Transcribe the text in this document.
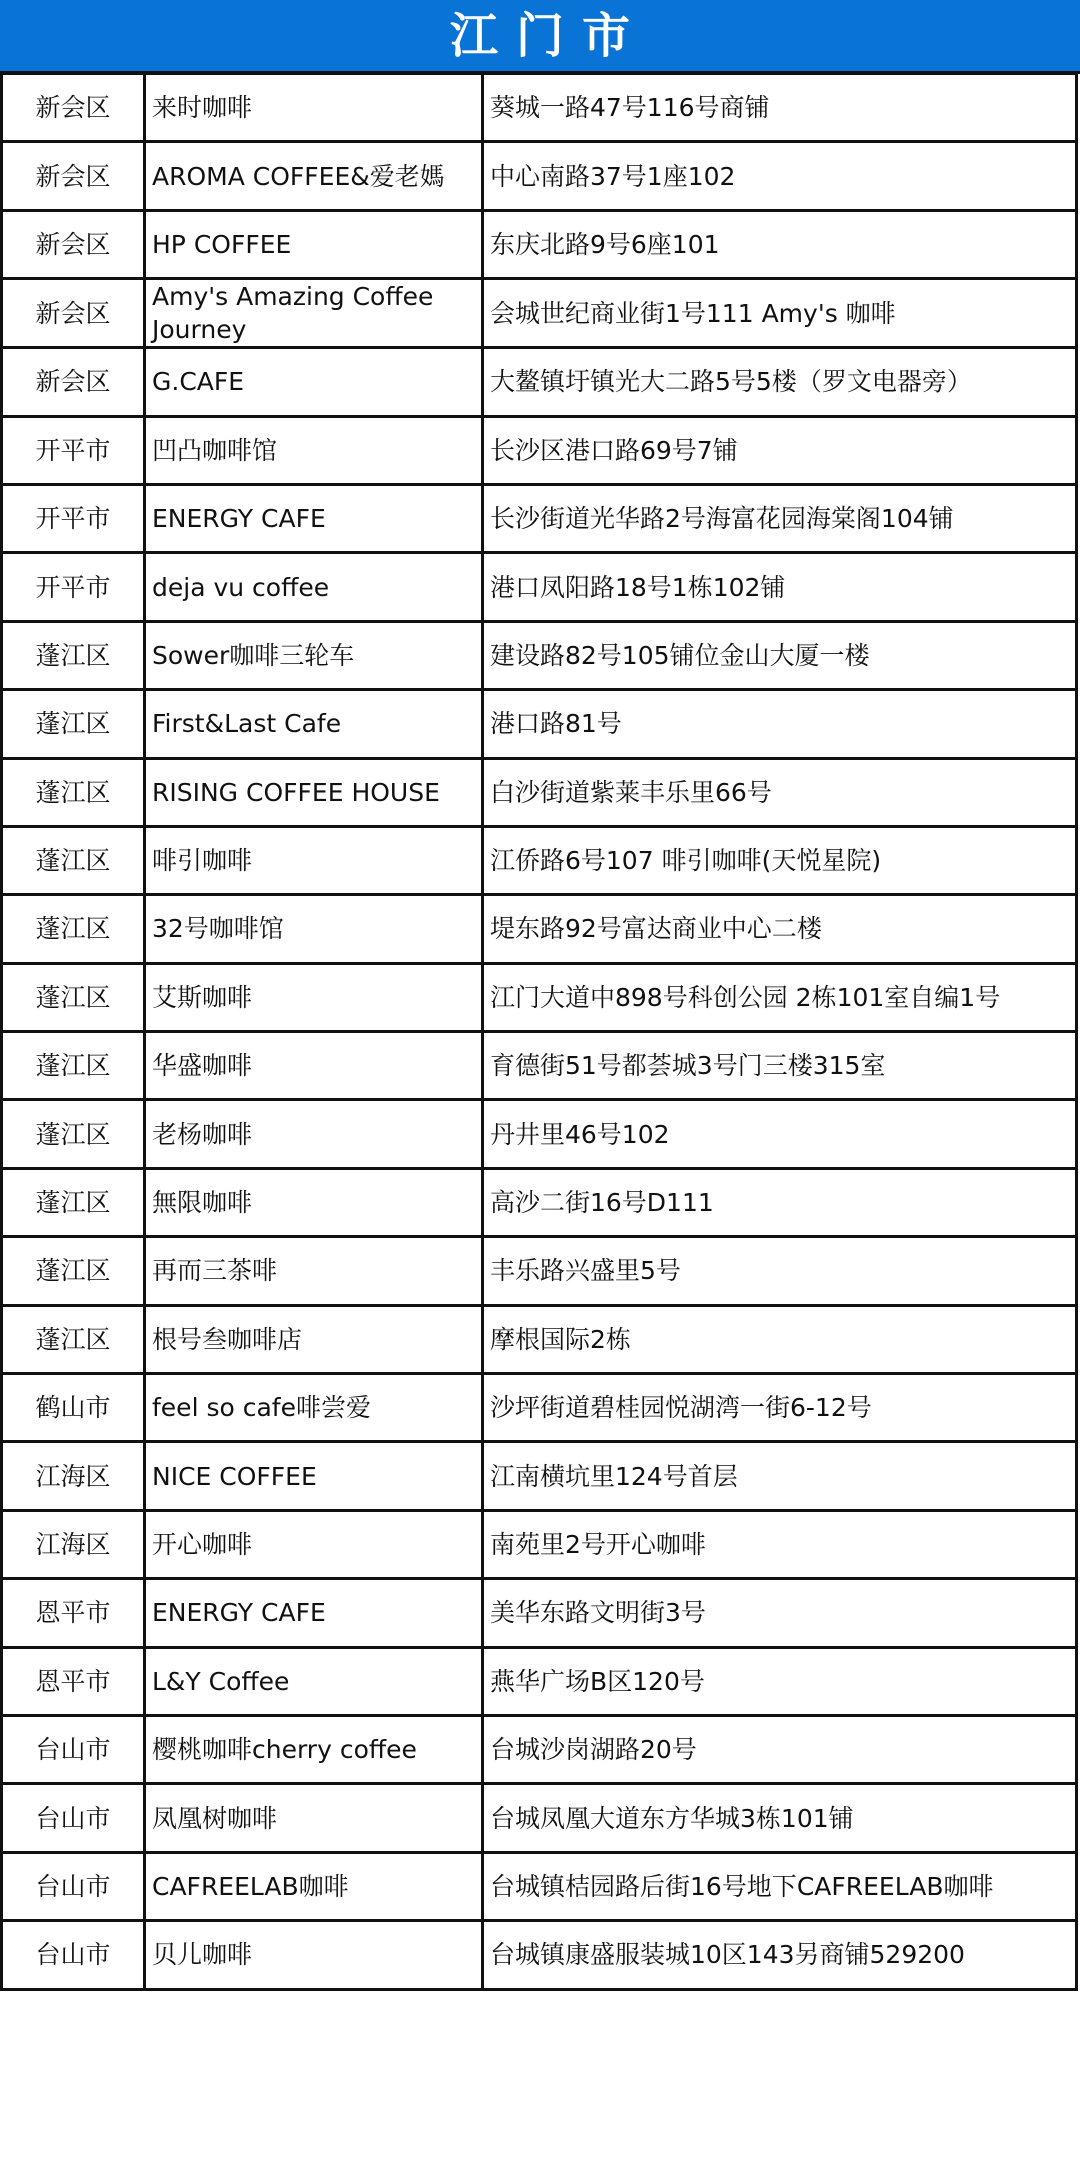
江门市
新会区	来时咖啡	葵城一路47号116号商铺
新会区	AROMA COFFEE&爱老媽	中心南路37号1座102
新会区	HP COFFEE	东庆北路9号6座101
新会区	Amy's Amazing Coffee Journey	会城世纪商业街1号111 Amy's 咖啡
新会区	G.CAFE	大鳌镇圩镇光大二路5号5楼（罗文电器旁）
开平市	凹凸咖啡馆	长沙区港口路69号7铺
开平市	ENERGY CAFE	长沙街道光华路2号海富花园海棠阁104铺
开平市	deja vu coffee	港口凤阳路18号1栋102铺
蓬江区	Sower咖啡三轮车	建设路82号105铺位金山大厦一楼
蓬江区	First&Last Cafe	港口路81号
蓬江区	RISING COFFEE HOUSE	白沙街道紫莱丰乐里66号
蓬江区	啡引咖啡	江侨路6号107 啡引咖啡(天悦星院)
蓬江区	32号咖啡馆	堤东路92号富达商业中心二楼
蓬江区	艾斯咖啡	江门大道中898号科创公园 2栋101室自编1号
蓬江区	华盛咖啡	育德街51号都荟城3号门三楼315室
蓬江区	老杨咖啡	丹井里46号102
蓬江区	無限咖啡	高沙二街16号D111
蓬江区	再而三茶啡	丰乐路兴盛里5号
蓬江区	根号叁咖啡店	摩根国际2栋
鹤山市	feel so cafe啡尝爱	沙坪街道碧桂园悦湖湾一街6-12号
江海区	NICE COFFEE	江南横坑里124号首层
江海区	开心咖啡	南苑里2号开心咖啡
恩平市	ENERGY CAFE	美华东路文明街3号
恩平市	L&Y Coffee	燕华广场B区120号
台山市	樱桃咖啡cherry coffee	台城沙岗湖路20号
台山市	凤凰树咖啡	台城凤凰大道东方华城3栋101铺
台山市	CAFREELAB咖啡	台城镇桔园路后街16号地下CAFREELAB咖啡
台山市	贝儿咖啡	台城镇康盛服装城10区143另商铺529200
